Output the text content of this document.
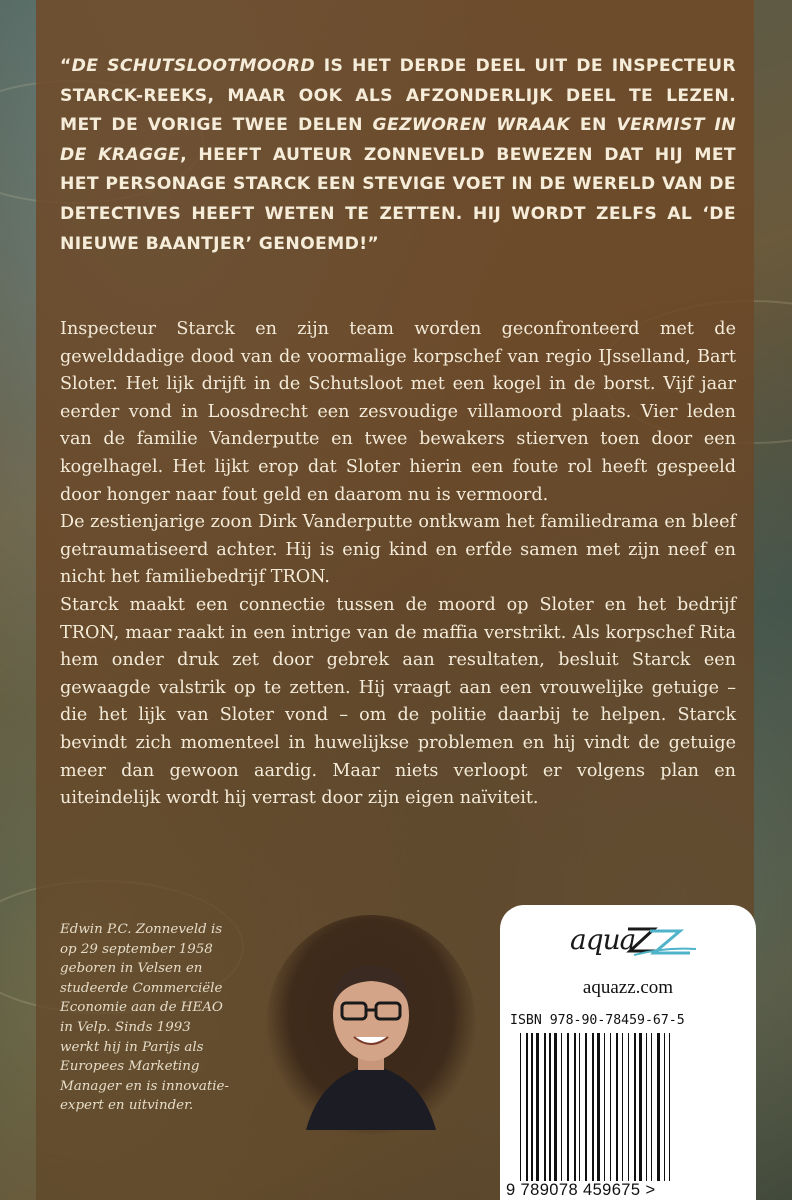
“DE SCHUTSLOOTMOORD IS HET DERDE DEEL UIT DE INSPECTEUR STARCK-REEKS, MAAR OOK ALS AFZONDERLIJK DEEL TE LEZEN. MET DE VORIGE TWEE DELEN GEZWOREN WRAAK EN VERMIST IN DE KRAGGE, HEEFT AUTEUR ZONNEVELD BEWEZEN DAT HIJ MET HET PERSONAGE STARCK EEN STEVIGE VOET IN DE WERELD VAN DE DETECTIVES HEEFT WETEN TE ZETTEN. HIJ WORDT ZELFS AL ‘DE NIEUWE BAANTJER’ GENOEMD!”

Inspecteur Starck en zijn team worden geconfronteerd met de gewelddadige dood van de voormalige korpschef van regio IJsselland, Bart Sloter. Het lijk drijft in de Schutsloot met een kogel in de borst. Vijf jaar eerder vond in Loosdrecht een zesvoudige villamoord plaats. Vier leden van de familie Vanderputte en twee bewakers stierven toen door een kogelhagel. Het lijkt erop dat Sloter hierin een foute rol heeft gespeeld door honger naar fout geld en daarom nu is vermoord.

De zestienjarige zoon Dirk Vanderputte ontkwam het familiedrama en bleef getraumatiseerd achter. Hij is enig kind en erfde samen met zijn neef en nicht het familiebedrijf TRON.

Starck maakt een connectie tussen de moord op Sloter en het bedrijf TRON, maar raakt in een intrige van de maffia verstrikt. Als korpschef Rita hem onder druk zet door gebrek aan resultaten, besluit Starck een gewaagde valstrik op te zetten. Hij vraagt aan een vrouwelijke getuige – die het lijk van Sloter vond – om de politie daarbij te helpen. Starck bevindt zich momenteel in huwelijkse problemen en hij vindt de getuige meer dan gewoon aardig. Maar niets verloopt er volgens plan en uiteindelijk wordt hij verrast door zijn eigen naïviteit.

Edwin P.C. Zonneveld is
op 29 september 1958
geboren in Velsen en
studeerde Commerciële
Economie aan de HEAO
in Velp. Sinds 1993
werkt hij in Parijs als
Europees Marketing
Manager en is innovatie-
expert en uitvinder.
aqua
aquazz.com
ISBN 978-90-78459-67-5
9 789078 459675 >
